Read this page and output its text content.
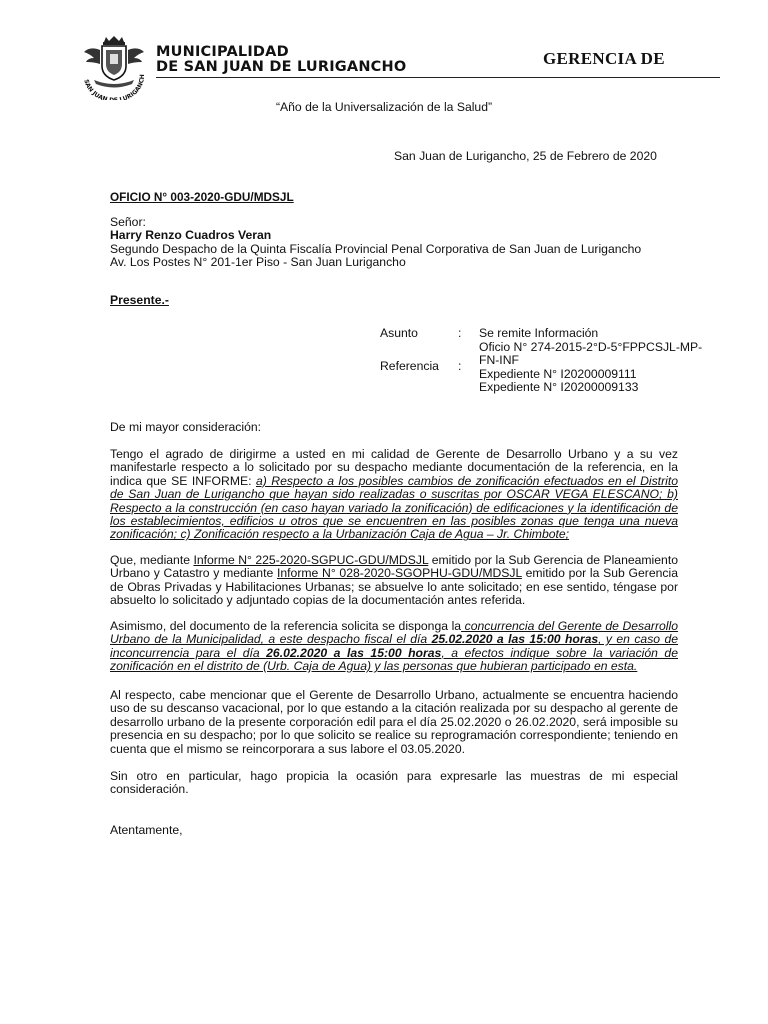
SAN JUAN LURIGANCH
MUNICIPALIDAD
DE SAN JUAN DE LURIGANCHO	GERENCIA DE
“Año de la Universalización de la Salud”
San Juan de Lurigancho, 25 de Febrero de 2020
OFICIO N° 003-2020-GDU/MDSJL
Señor:
Harry Renzo Cuadros Veran
Segundo Despacho de la Quinta Fiscalía Provincial Penal Corporativa de San Juan de Lurigancho
Av. Los Postes N° 201-1er Piso - San Juan Lurigancho
Presente.-
Asunto	: Se remite Información
Referencia :
Oficio N° 274-2015-2°D-5°FPPCSJL-MP-
FN-INF
Expediente N° I20200009111
Expediente N° I20200009133
De mi mayor consideración:
Tengo el agrado de dirigirme a usted en mi calidad de Gerente de Desarrollo Urbano y a su vez manifestarle respecto a lo solicitado por su despacho mediante documentación de la referencia, en la indica que SE INFORME: a) Respecto a los posibles cambios de zonificación efectuados en el Distrito de San Juan de Lurigancho que hayan sido realizadas o suscritas por OSCAR VEGA ELESCANO; b) Respecto a la construcción (en caso hayan variado la zonificación) de edificaciones y la identificación de los establecimientos, edificios u otros que se encuentren en las posibles zonas que tenga una nueva zonificación; c) Zonificación respecto a la Urbanización Caja de Agua – Jr. Chimbote;
Que, mediante Informe N° 225-2020-SGPUC-GDU/MDSJL emitido por la Sub Gerencia de Planeamiento Urbano y Catastro y mediante Informe N° 028-2020-SGOPHU-GDU/MDSJL emitido por la Sub Gerencia de Obras Privadas y Habilitaciones Urbanas; se absuelve lo ante solicitado; en ese sentido, téngase por absuelto lo solicitado y adjuntado copias de la documentación antes referida.
Asimismo, del documento de la referencia solicita se disponga la concurrencia del Gerente de Desarrollo Urbano de la Municipalidad, a este despacho fiscal el día 25.02.2020 a las 15:00 horas, y en caso de inconcurrencia para el día 26.02.2020 a las 15:00 horas, a efectos indique sobre la variación de zonificación en el distrito de (Urb. Caja de Agua) y las personas que hubieran participado en esta.
Al respecto, cabe mencionar que el Gerente de Desarrollo Urbano, actualmente se encuentra haciendo uso de su descanso vacacional, por lo que estando a la citación realizada por su despacho al gerente de desarrollo urbano de la presente corporación edil para el día 25.02.2020 o 26.02.2020, será imposible su presencia en su despacho; por lo que solicito se realice su reprogramación correspondiente; teniendo en cuenta que el mismo se reincorporara a sus labore el 03.05.2020.
Sin otro en particular, hago propicia la ocasión para expresarle las muestras de mi especial consideración.
Atentamente,
